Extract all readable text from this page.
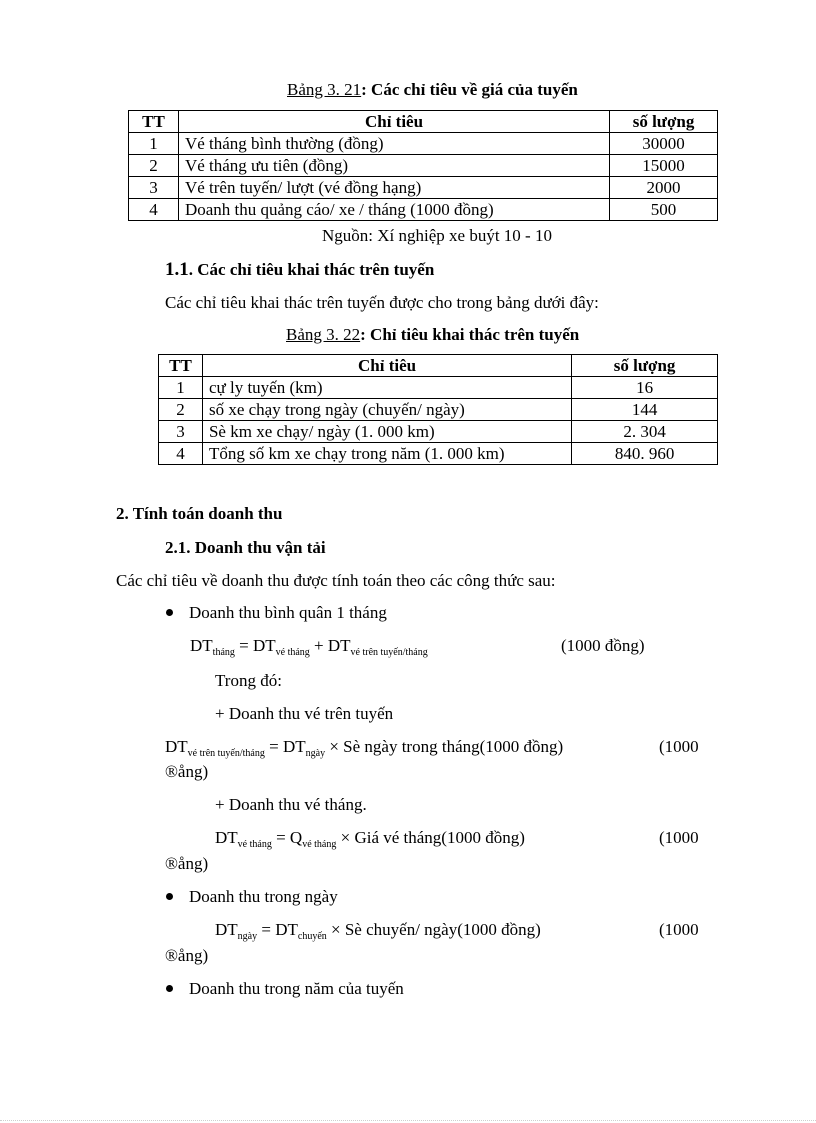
Bảng 3. 21: Các chỉ tiêu về giá của tuyến
TT	Chỉ tiêu	số lượng
1	Vé tháng bình thường (đồng)	30000
2	Vé tháng ưu tiên (đồng)	15000
3	Vé trên tuyến/ lượt (vé đồng hạng)	2000
4	Doanh thu quảng cáo/ xe / tháng (1000 đồng)	500
Nguồn: Xí nghiệp xe buýt 10 - 10
1.1. Các chỉ tiêu khai thác trên tuyến
Các chỉ tiêu khai thác trên tuyến được cho trong bảng dưới đây:
Bảng 3. 22: Chỉ tiêu khai thác trên tuyến
TT	Chỉ tiêu	số lượng
1	cự ly tuyến (km)	16
2	số xe chạy trong ngày (chuyến/ ngày)	144
3	Sè km xe chạy/ ngày (1. 000 km)	2. 304
4	Tổng số km xe chạy trong năm (1. 000 km)	840. 960
2. Tính toán doanh thu
2.1. Doanh thu vận tải
Các chỉ tiêu về doanh thu được tính toán theo các công thức sau:
Doanh thu bình quân 1 tháng
$DT_{tháng} = DT_{vé tháng} + DT_{vé trên tuyến/tháng}$	(1000 đồng)
Trong đó:
+ Doanh thu vé trên tuyến
$DT_{vé trên tuyến/tháng} = DT_{ngày}$ × Sè ngày trong tháng(1000 đồng)	(1000
®ång)
+ Doanh thu vé tháng.
$DT_{vé tháng} = Q_{vé tháng}$ × Giá vé tháng(1000 đồng)	(1000
®ång)
Doanh thu trong ngày
$DT_{ngày} = DT_{chuyến}$ × Sè chuyến/ ngày(1000 đồng)	(1000
®ång)
Doanh thu trong năm của tuyến
